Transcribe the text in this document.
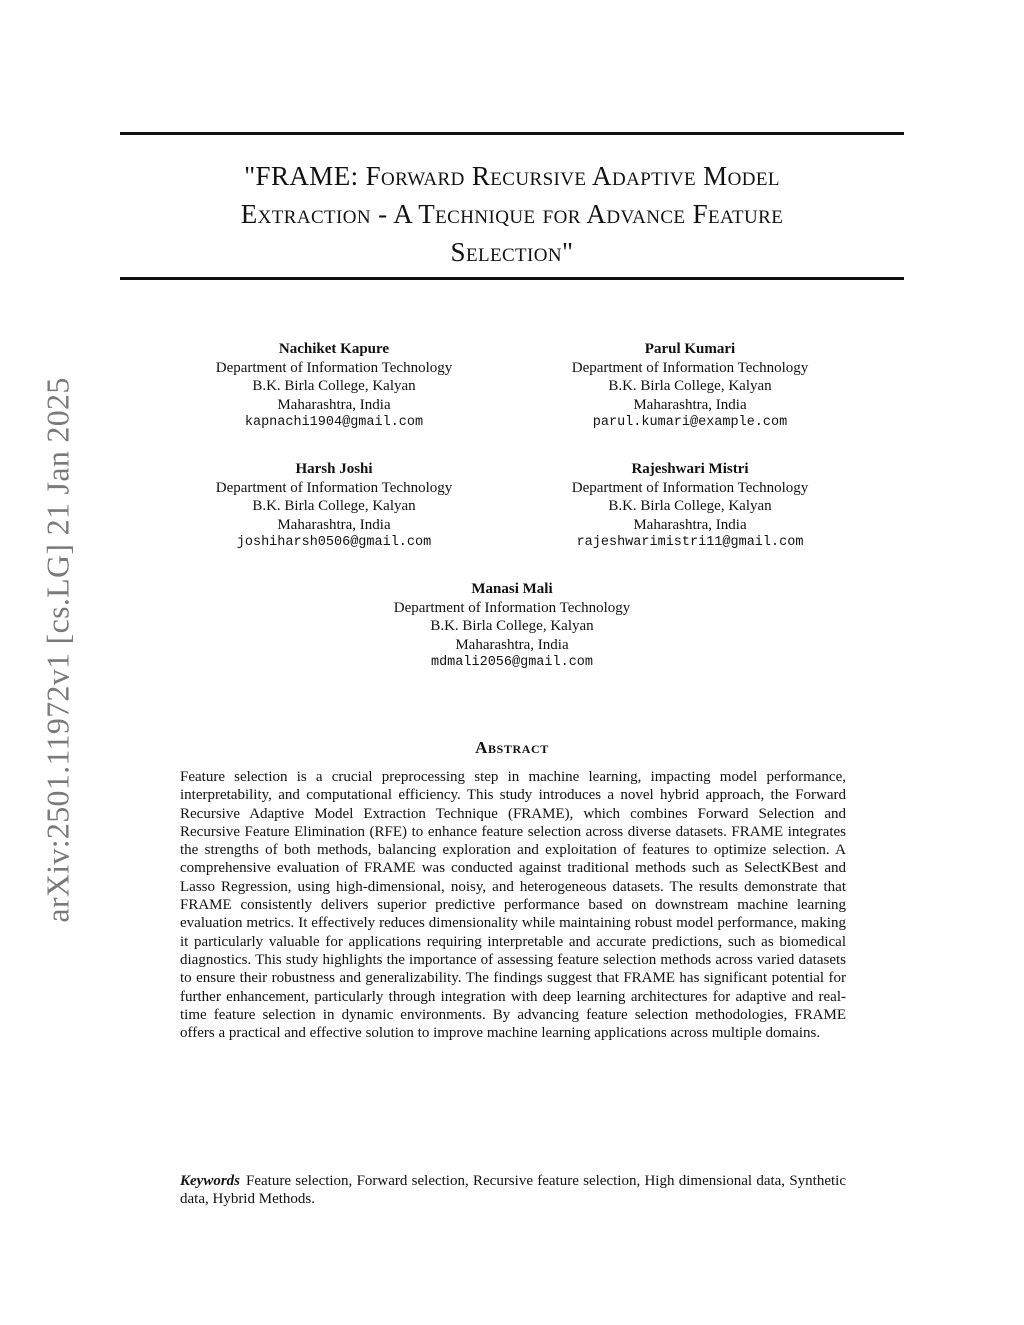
arXiv:2501.11972v1 [cs.LG] 21 Jan 2025
"FRAME: Forward Recursive Adaptive Model
Extraction - A Technique for Advance Feature
Selection"
Nachiket Kapure
Department of Information Technology
B.K. Birla College, Kalyan
Maharashtra, India
kapnachi1904@gmail.com
Parul Kumari
Department of Information Technology
B.K. Birla College, Kalyan
Maharashtra, India
parul.kumari@example.com
Harsh Joshi
Department of Information Technology
B.K. Birla College, Kalyan
Maharashtra, India
joshiharsh0506@gmail.com
Rajeshwari Mistri
Department of Information Technology
B.K. Birla College, Kalyan
Maharashtra, India
rajeshwarimistri11@gmail.com
Manasi Mali
Department of Information Technology
B.K. Birla College, Kalyan
Maharashtra, India
mdmali2056@gmail.com
Abstract

Feature selection is a crucial preprocessing step in machine learning, impacting model performance, interpretability, and computational efficiency. This study introduces a novel hybrid approach, the Forward Recursive Adaptive Model Extraction Technique (FRAME), which combines Forward Selection and Recursive Feature Elimination (RFE) to enhance feature selection across diverse datasets. FRAME integrates the strengths of both methods, balancing exploration and exploitation of features to optimize selection. A comprehensive evaluation of FRAME was conducted against traditional methods such as SelectKBest and Lasso Regression, using high-dimensional, noisy, and heterogeneous datasets. The results demonstrate that FRAME consistently delivers superior predictive performance based on downstream machine learning evaluation metrics. It effectively reduces dimensionality while maintaining robust model performance, making it particularly valuable for applications requiring interpretable and accurate predictions, such as biomedical diagnostics. This study highlights the importance of assessing feature selection methods across varied datasets to ensure their robustness and generalizability. The findings suggest that FRAME has significant potential for further enhancement, particularly through integration with deep learning architectures for adaptive and real-time feature selection in dynamic environments. By advancing feature selection methodologies, FRAME offers a practical and effective solution to improve machine learning applications across multiple domains.

Keywords Feature selection, Forward selection, Recursive feature selection, High dimensional data, Synthetic data, Hybrid Methods.
